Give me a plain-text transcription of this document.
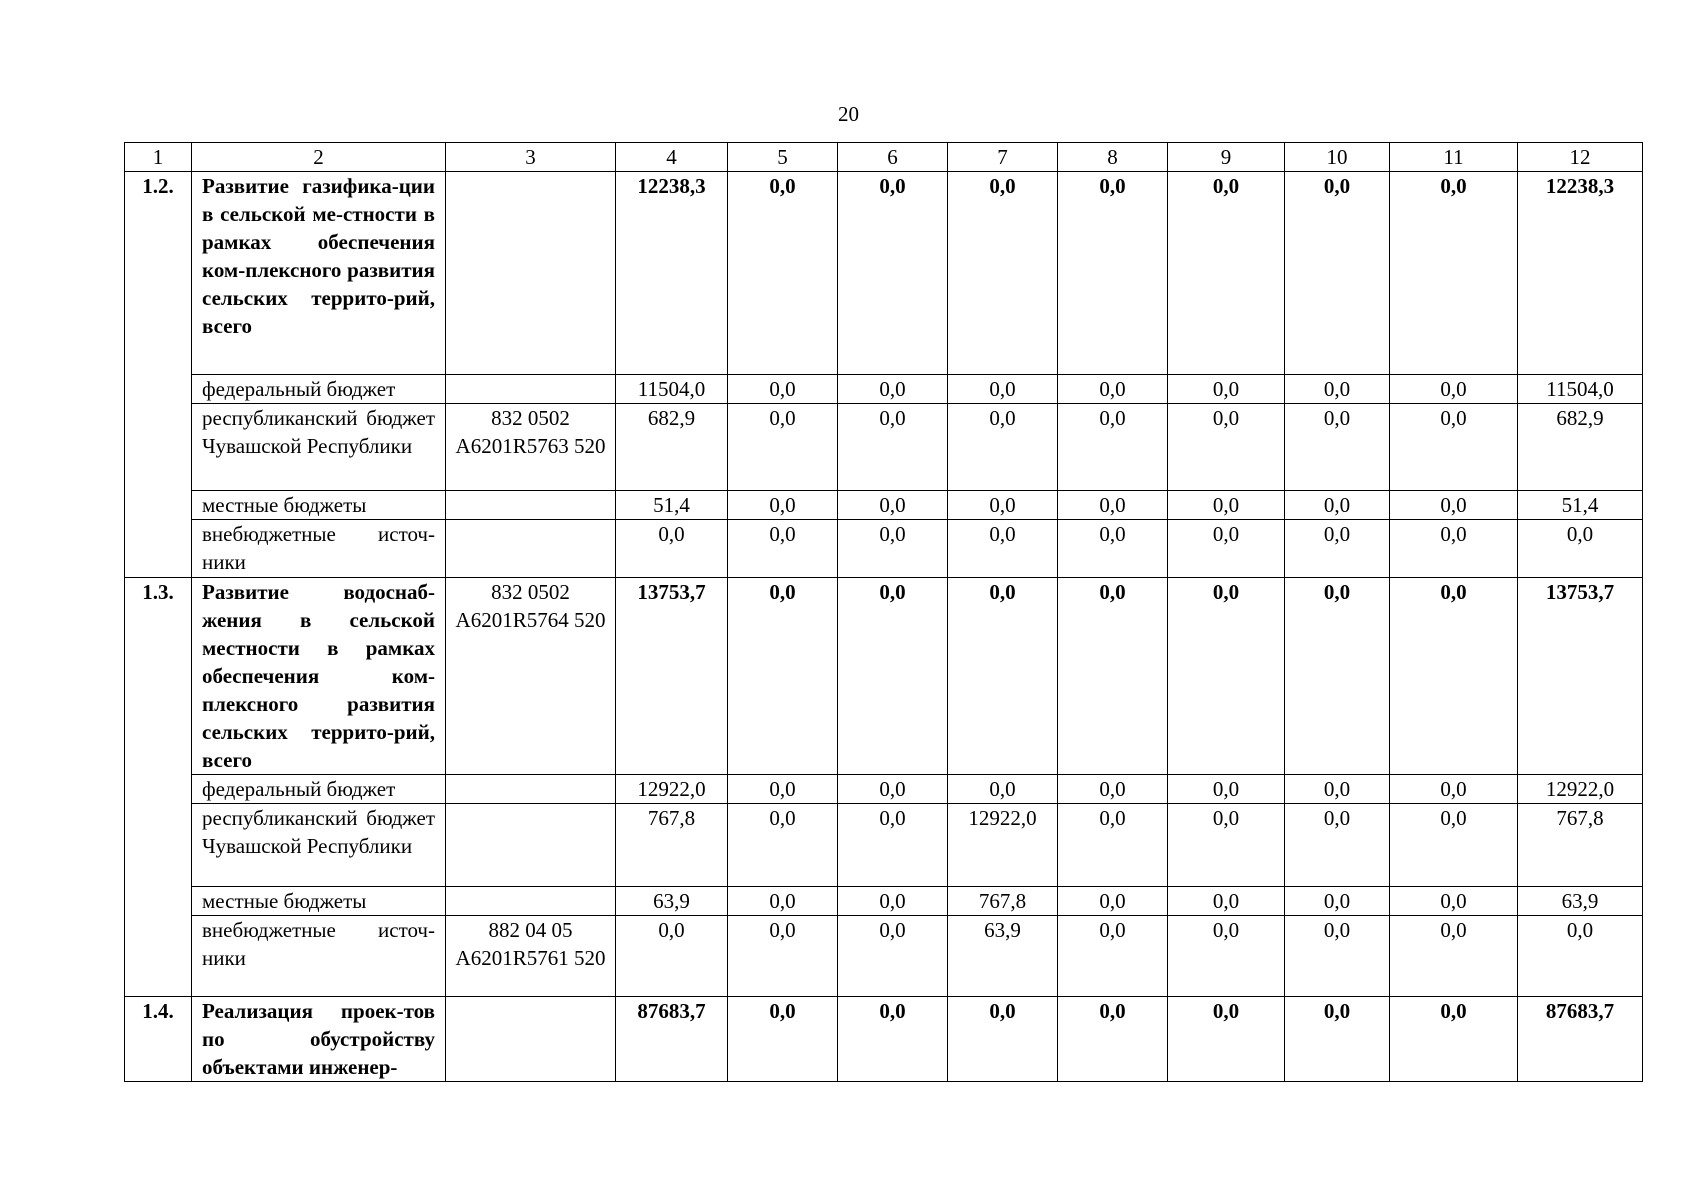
20
1	2	3	4	5	6	7	8	9	10	11	12
1.2.	Развитие газифика-ции в сельской ме-стности в рамках обеспечения ком-плексного развития сельских террито-рий, всего		12238,3	0,0	0,0	0,0	0,0	0,0	0,0	0,0	12238,3
	федеральный бюджет		11504,0	0,0	0,0	0,0	0,0	0,0	0,0	0,0	11504,0
	республиканский бюджет Чувашской Республики	832 0502 А6201R5763 520	682,9	0,0	0,0	0,0	0,0	0,0	0,0	0,0	682,9
	местные бюджеты		51,4	0,0	0,0	0,0	0,0	0,0	0,0	0,0	51,4
	внебюджетные источ-ники		0,0	0,0	0,0	0,0	0,0	0,0	0,0	0,0	0,0
1.3.	Развитие водоснаб-жения в сельской местности в рамках обеспечения ком-плексного развития сельских террито-рий, всего	832 0502 А6201R5764 520	13753,7	0,0	0,0	0,0	0,0	0,0	0,0	0,0	13753,7
	федеральный бюджет		12922,0	0,0	0,0	0,0	0,0	0,0	0,0	0,0	12922,0
	республиканский бюджет Чувашской Республики		767,8	0,0	0,0	12922,0	0,0	0,0	0,0	0,0	767,8
	местные бюджеты		63,9	0,0	0,0	767,8	0,0	0,0	0,0	0,0	63,9
	внебюджетные источ-ники	882 04 05 А6201R5761 520	0,0	0,0	0,0	63,9	0,0	0,0	0,0	0,0	0,0
1.4.	Реализация проек-тов по обустройству объектами инженер-		87683,7	0,0	0,0	0,0	0,0	0,0	0,0	0,0	87683,7
